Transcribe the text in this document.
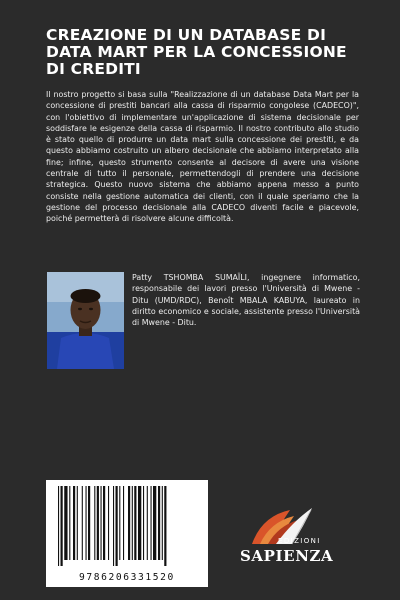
CREAZIONE DI UN DATABASE DI DATA MART PER LA CONCESSIONE DI CREDITI

Il nostro progetto si basa sulla "Realizzazione di un database Data Mart per la concessione di prestiti bancari alla cassa di risparmio congolese (CADECO)", con l'obiettivo di implementare un'applicazione di sistema decisionale per soddisfare le esigenze della cassa di risparmio. Il nostro contributo allo studio è stato quello di produrre un data mart sulla concessione dei prestiti, e da questo abbiamo costruito un albero decisionale che abbiamo interpretato alla fine; infine, questo strumento consente al decisore di avere una visione centrale di tutto il personale, permettendogli di prendere una decisione strategica. Questo nuovo sistema che abbiamo appena messo a punto consiste nella gestione automatica dei clienti, con il quale speriamo che la gestione del processo decisionale alla CADECO diventi facile e piacevole, poiché permetterà di risolvere alcune difficoltà.

Patty TSHOMBA SUMAÏLI, ingegnere informatico, responsabile dei lavori presso l'Università di Mwene - Ditu (UMD/RDC), Benoît MBALA KABUYA, laureato in diritto economico e sociale, assistente presso l'Università di Mwene - Ditu.

9786206331520
EDIZIONI
SAPIENZA
